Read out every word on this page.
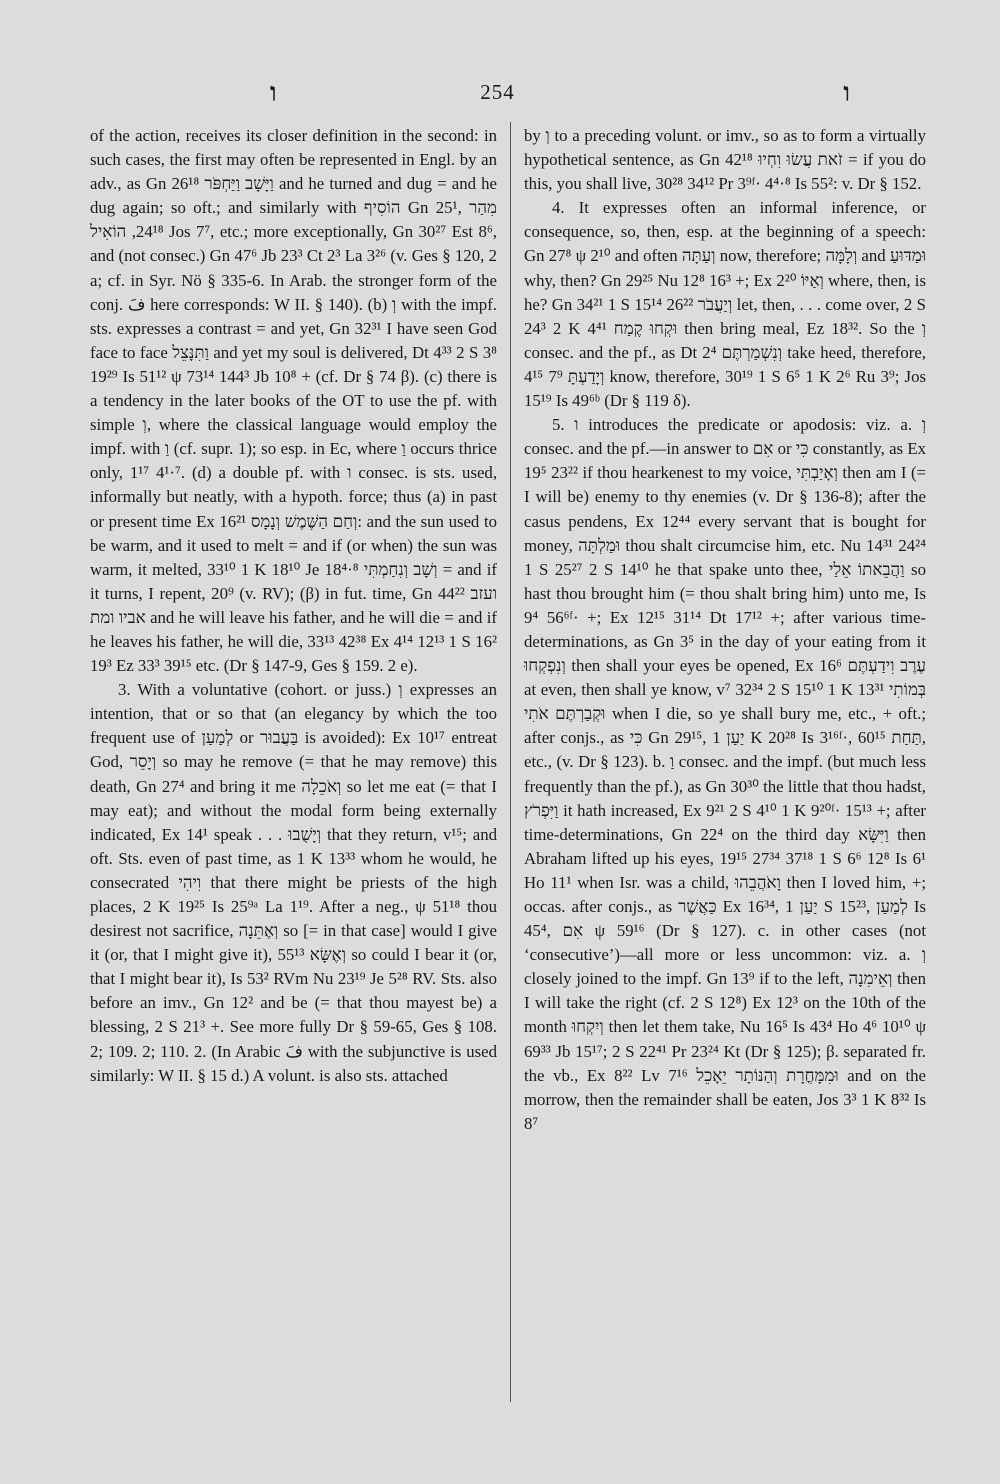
ו	254	ו

of the action, receives its closer definition in the second: in such cases, the first may often be represented in Engl. by an adv., as Gn 26¹⁸ וַיָּשָׁב וַיַּחְפֹּר and he turned and dug = and he dug again; so oft.; and similarly with הוֹסִיף Gn 25¹, מִהַר 24¹⁸, הוֹאִיל Jos 7⁷, etc.; more exceptionally, Gn 30²⁷ Est 8⁶, and (not consec.) Gn 47⁶ Jb 23³ Ct 2³ La 3²⁶ (v. Ges § 120, 2 a; cf. in Syr. Nö § 335-6. In Arab. the stronger form of the conj. فَ here corresponds: W II. § 140). (b) וְ with the impf. sts. expresses a contrast = and yet, Gn 32³¹ I have seen God face to face וַתִּנָּצֵל and yet my soul is delivered, Dt 4³³ 2 S 3⁸ 19²⁹ Is 51¹² ψ 73¹⁴ 144³ Jb 10⁸ + (cf. Dr § 74 β). (c) there is a tendency in the later books of the OT to use the pf. with simple וְ, where the classical language would employ the impf. with וַ (cf. supr. 1); so esp. in Ec, where וַ occurs thrice only, 1¹⁷ 4¹·⁷. (d) a double pf. with ו consec. is sts. used, informally but neatly, with a hypoth. force; thus (a) in past or present time Ex 16²¹ וְחַם הַשֶּׁמֶשׁ וְנָמָס: and the sun used to be warm, and it used to melt = and if (or when) the sun was warm, it melted, 33¹⁰ 1 K 18¹⁰ Je 18⁴·⁸ וְשָׁב וְנִחַמְתִּי = and if it turns, I repent, 20⁹ (v. RV); (β) in fut. time, Gn 44²² ועזב אביו ומת and he will leave his father, and he will die = and if he leaves his father, he will die, 33¹³ 42³⁸ Ex 4¹⁴ 12¹³ 1 S 16² 19³ Ez 33³ 39¹⁵ etc. (Dr § 147-9, Ges § 159. 2 e).

3. With a voluntative (cohort. or juss.) וְ expresses an intention, that or so that (an elegancy by which the too frequent use of לְמַעַן or בַּעֲבוּר is avoided): Ex 10¹⁷ entreat God, וְיָסֵר so may he remove (= that he may remove) this death, Gn 27⁴ and bring it me וְאֹכֵלָה so let me eat (= that I may eat); and without the modal form being externally indicated, Ex 14¹ speak . . . וְיָשֻׁבוּ that they return, v¹⁵; and oft. Sts. even of past time, as 1 K 13³³ whom he would, he consecrated וִיהִי that there might be priests of the high places, 2 K 19²⁵ Is 25⁹ᵃ La 1¹⁹. After a neg., ψ 51¹⁸ thou desirest not sacrifice, וְאֶתֵּנָה so [= in that case] would I give it (or, that I might give it), 55¹³ וְאֶשָּׂא so could I bear it (or, that I might bear it), Is 53² RVm Nu 23¹⁹ Je 5²⁸ RV. Sts. also before an imv., Gn 12² and be (= that thou mayest be) a blessing, 2 S 21³ +. See more fully Dr § 59-65, Ges § 108. 2; 109. 2; 110. 2. (In Arabic فَ with the subjunctive is used similarly: W II. § 15 d.) A volunt. is also sts. attached

by וְ to a preceding volunt. or imv., so as to form a virtually hypothetical sentence, as Gn 42¹⁸ זֹאת עֲשׂוּ וִחְיוּ = if you do this, you shall live, 30²⁸ 34¹² Pr 3⁹ᶠ· 4⁴·⁸ Is 55²: v. Dr § 152.

4. It expresses often an informal inference, or consequence, so, then, esp. at the beginning of a speech: Gn 27⁸ ψ 2¹⁰ and often וְעַתָּה now, therefore; וְלָמָּה and וּמַדּוּעַ why, then? Gn 29²⁵ Nu 12⁸ 16³ +; Ex 2²⁰ וְאַיּוֹ where, then, is he? Gn 34²¹ 1 S 15¹⁴ 26²² וְיַעֲבֹר let, then, . . . come over, 2 S 24³ 2 K 4⁴¹ וּקְחוּ קֶמַח then bring meal, Ez 18³². So the וְ consec. and the pf., as Dt 2⁴ וְנִשְׁמַרְתֶּם take heed, therefore, 4¹⁵ 7⁹ וְיָדַעְתָּ know, therefore, 30¹⁹ 1 S 6⁵ 1 K 2⁶ Ru 3⁹; Jos 15¹⁹ Is 49⁶ᵇ (Dr § 119 δ).

5. ו introduces the predicate or apodosis: viz. a. וְ consec. and the pf.—in answer to אִם or כִּי constantly, as Ex 19⁵ 23²² if thou hearkenest to my voice, וְאָיַבְתִּי then am I (= I will be) enemy to thy enemies (v. Dr § 136-8); after the casus pendens, Ex 12⁴⁴ every servant that is bought for money, וּמַלְתָּה thou shalt circumcise him, etc. Nu 14³¹ 24²⁴ 1 S 25²⁷ 2 S 14¹⁰ he that spake unto thee, וַהֲבֵאתוֹ אֵלַי so hast thou brought him (= thou shalt bring him) unto me, Is 9⁴ 56⁶ᶠ· +; Ex 12¹⁵ 31¹⁴ Dt 17¹² +; after various time-determinations, as Gn 3⁵ in the day of your eating from it וְנִפְקְחוּ then shall your eyes be opened, Ex 16⁶ עֶרֶב וִידַעְתֶּם at even, then shall ye know, v⁷ 32³⁴ 2 S 15¹⁰ 1 K 13³¹ בְּמוֹתִי וּקְבַרְתֶּם אֹתִי when I die, so ye shall bury me, etc., + oft.; after conjs., as כִּי Gn 29¹⁵, יַעַן 1 K 20²⁸ Is 3¹⁶ᶠ·, תַּחַת 60¹⁵, etc., (v. Dr § 123). b. וַ consec. and the impf. (but much less frequently than the pf.), as Gn 30³⁰ the little that thou hadst, וַיִּפְרֹץ it hath increased, Ex 9²¹ 2 S 4¹⁰ 1 K 9²⁰ᶠ· 15¹³ +; after time-determinations, Gn 22⁴ on the third day וַיִּשָּׂא then Abraham lifted up his eyes, 19¹⁵ 27³⁴ 37¹⁸ 1 S 6⁶ 12⁸ Is 6¹ Ho 11¹ when Isr. was a child, וָאֹהֲבֵהוּ then I loved him, +; occas. after conjs., as כַּאֲשֶׁר Ex 16³⁴, יַעַן 1 S 15²³, לְמַעַן Is 45⁴, אִם ψ 59¹⁶ (Dr § 127). c. in other cases (not ‘consecutive’)—all more or less uncommon: viz. a. וְ closely joined to the impf. Gn 13⁹ if to the left, וְאֵימִנָה then I will take the right (cf. 2 S 12⁸) Ex 12³ on the 10th of the month וְיִקְחוּ then let them take, Nu 16⁵ Is 43⁴ Ho 4⁶ 10¹⁰ ψ 69³³ Jb 15¹⁷; 2 S 22⁴¹ Pr 23²⁴ Kt (Dr § 125); β. separated fr. the vb., Ex 8²² Lv 7¹⁶ וּמִמָּחֳרָת וְהַנּוֹתָר יֵאָכֵל and on the morrow, then the remainder shall be eaten, Jos 3³ 1 K 8³² Is 8⁷
